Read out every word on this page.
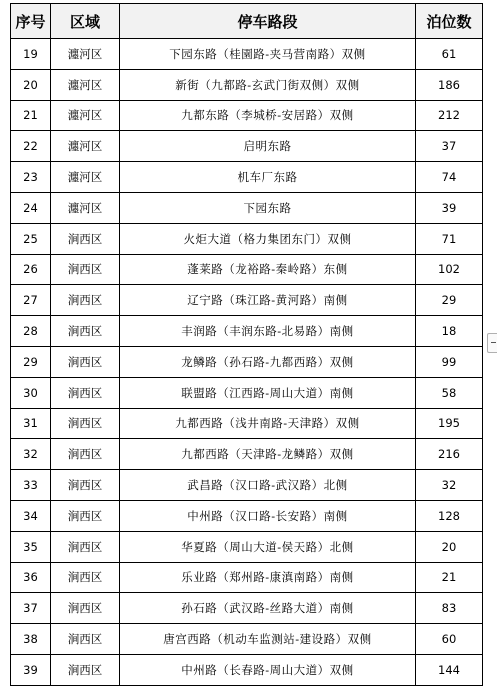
序号	区域	停车路段	泊位数
19	瀍河区	下园东路（桂園路-夹马营南路）双侧	61
20	瀍河区	新街（九都路-玄武门街双侧）双侧	186
21	瀍河区	九都东路（李城桥-安居路）双侧	212
22	瀍河区	启明东路	37
23	瀍河区	机车厂东路	74
24	瀍河区	下园东路	39
25	涧西区	火炬大道（格力集团东门）双侧	71
26	涧西区	蓬莱路（龙裕路-秦岭路）东侧	102
27	涧西区	辽宁路（珠江路-黄河路）南侧	29
28	涧西区	丰润路（丰润东路-北易路）南侧	18
29	涧西区	龙鳞路（孙石路-九都西路）双侧	99
30	涧西区	联盟路（江西路-周山大道）南侧	58
31	涧西区	九都西路（浅井南路-天津路）双侧	195
32	涧西区	九都西路（天津路-龙鳞路）双侧	216
33	涧西区	武昌路（汉口路-武汉路）北侧	32
34	涧西区	中州路（汉口路-长安路）南侧	128
35	涧西区	华夏路（周山大道-侯天路）北侧	20
36	涧西区	乐业路（郑州路-康滇南路）南侧	21
37	涧西区	孙石路（武汉路-丝路大道）南侧	83
38	涧西区	唐宫西路（机动车监测站-建设路）双侧	60
39	涧西区	中州路（长春路-周山大道）双侧	144
